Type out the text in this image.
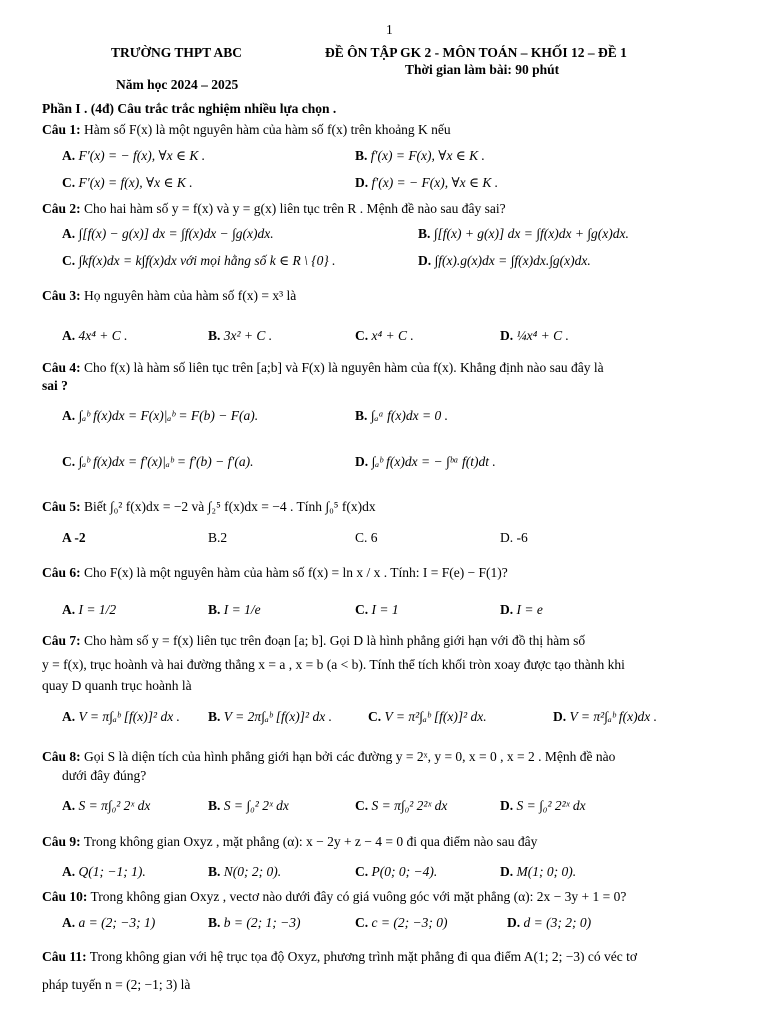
1
TRƯỜNG THPT ABC
Năm học 2024 – 2025
ĐỀ ÔN TẬP GK 2 - MÔN TOÁN – KHỐI 12 – ĐỀ 1
Thời gian làm bài: 90 phút
Phần I . (4đ) Câu trắc trắc nghiệm nhiều lựa chọn .
Câu 1: Hàm số F(x) là một nguyên hàm của hàm số f(x) trên khoảng K nếu
A. F′(x) = − f(x), ∀x ∈ K .	B. f′(x) = F(x), ∀x ∈ K .
C. F′(x) = f(x), ∀x ∈ K .	D. f′(x) = − F(x), ∀x ∈ K .
Câu 2: Cho hai hàm số y = f(x) và y = g(x) liên tục trên R . Mệnh đề nào sau đây sai?
A. ∫[f(x) − g(x)] dx = ∫f(x)dx − ∫g(x)dx.	B. ∫[f(x) + g(x)] dx = ∫f(x)dx + ∫g(x)dx.
C. ∫kf(x)dx = k∫f(x)dx với mọi hằng số k ∈ R \ {0} .	D. ∫f(x).g(x)dx = ∫f(x)dx.∫g(x)dx.
Câu 3: Họ nguyên hàm của hàm số f(x) = x³ là
A. 4x⁴ + C .	B. 3x² + C .	C. x⁴ + C .	D. ¼x⁴ + C .
Câu 4: Cho f(x) là hàm số liên tục trên [a;b] và F(x) là nguyên hàm của f(x). Khẳng định nào sau đây là
sai ?
A. ∫ₐᵇ f(x)dx = F(x)|ₐᵇ = F(b) − F(a).	B. ∫ₐᵃ f(x)dx = 0 .
C. ∫ₐᵇ f(x)dx = f′(x)|ₐᵇ = f′(b) − f′(a).	D. ∫ₐᵇ f(x)dx = − ∫ᵇᵃ f(t)dt .
Câu 5: Biết ∫₀² f(x)dx = −2 và ∫₂⁵ f(x)dx = −4 . Tính ∫₀⁵ f(x)dx
A -2	B.2	C. 6	D. -6
Câu 6: Cho F(x) là một nguyên hàm của hàm số f(x) = ln x / x . Tính: I = F(e) − F(1)?
A. I = 1/2	B. I = 1/e	C. I = 1	D. I = e
Câu 7: Cho hàm số y = f(x) liên tục trên đoạn [a; b]. Gọi D là hình phẳng giới hạn với đồ thị hàm số
y = f(x), trục hoành và hai đường thẳng x = a , x = b (a < b). Tính thể tích khối tròn xoay được tạo thành khi
quay D quanh trục hoành là
A. V = π∫ₐᵇ [f(x)]² dx . B. V = 2π∫ₐᵇ [f(x)]² dx .	C. V = π²∫ₐᵇ [f(x)]² dx.	D. V = π²∫ₐᵇ f(x)dx .
Câu 8: Gọi S là diện tích của hình phẳng giới hạn bởi các đường y = 2ˣ, y = 0, x = 0 , x = 2 . Mệnh đề nào
dưới đây đúng?
A. S = π∫₀² 2ˣ dx	B. S = ∫₀² 2ˣ dx	C. S = π∫₀² 2²ˣ dx	D. S = ∫₀² 2²ˣ dx
Câu 9: Trong không gian Oxyz , mặt phẳng (α): x − 2y + z − 4 = 0 đi qua điểm nào sau đây
A. Q(1; −1; 1).	B. N(0; 2; 0).	C. P(0; 0; −4).	D. M(1; 0; 0).
Câu 10: Trong không gian Oxyz , vectơ nào dưới đây có giá vuông góc với mặt phẳng (α): 2x − 3y + 1 = 0?
A. a = (2; −3; 1)	B. b = (2; 1; −3)	C. c = (2; −3; 0)	D. d = (3; 2; 0)
Câu 11: Trong không gian với hệ trục tọa độ Oxyz, phương trình mặt phẳng đi qua điểm A(1; 2; −3) có véc tơ
pháp tuyến n = (2; −1; 3) là
